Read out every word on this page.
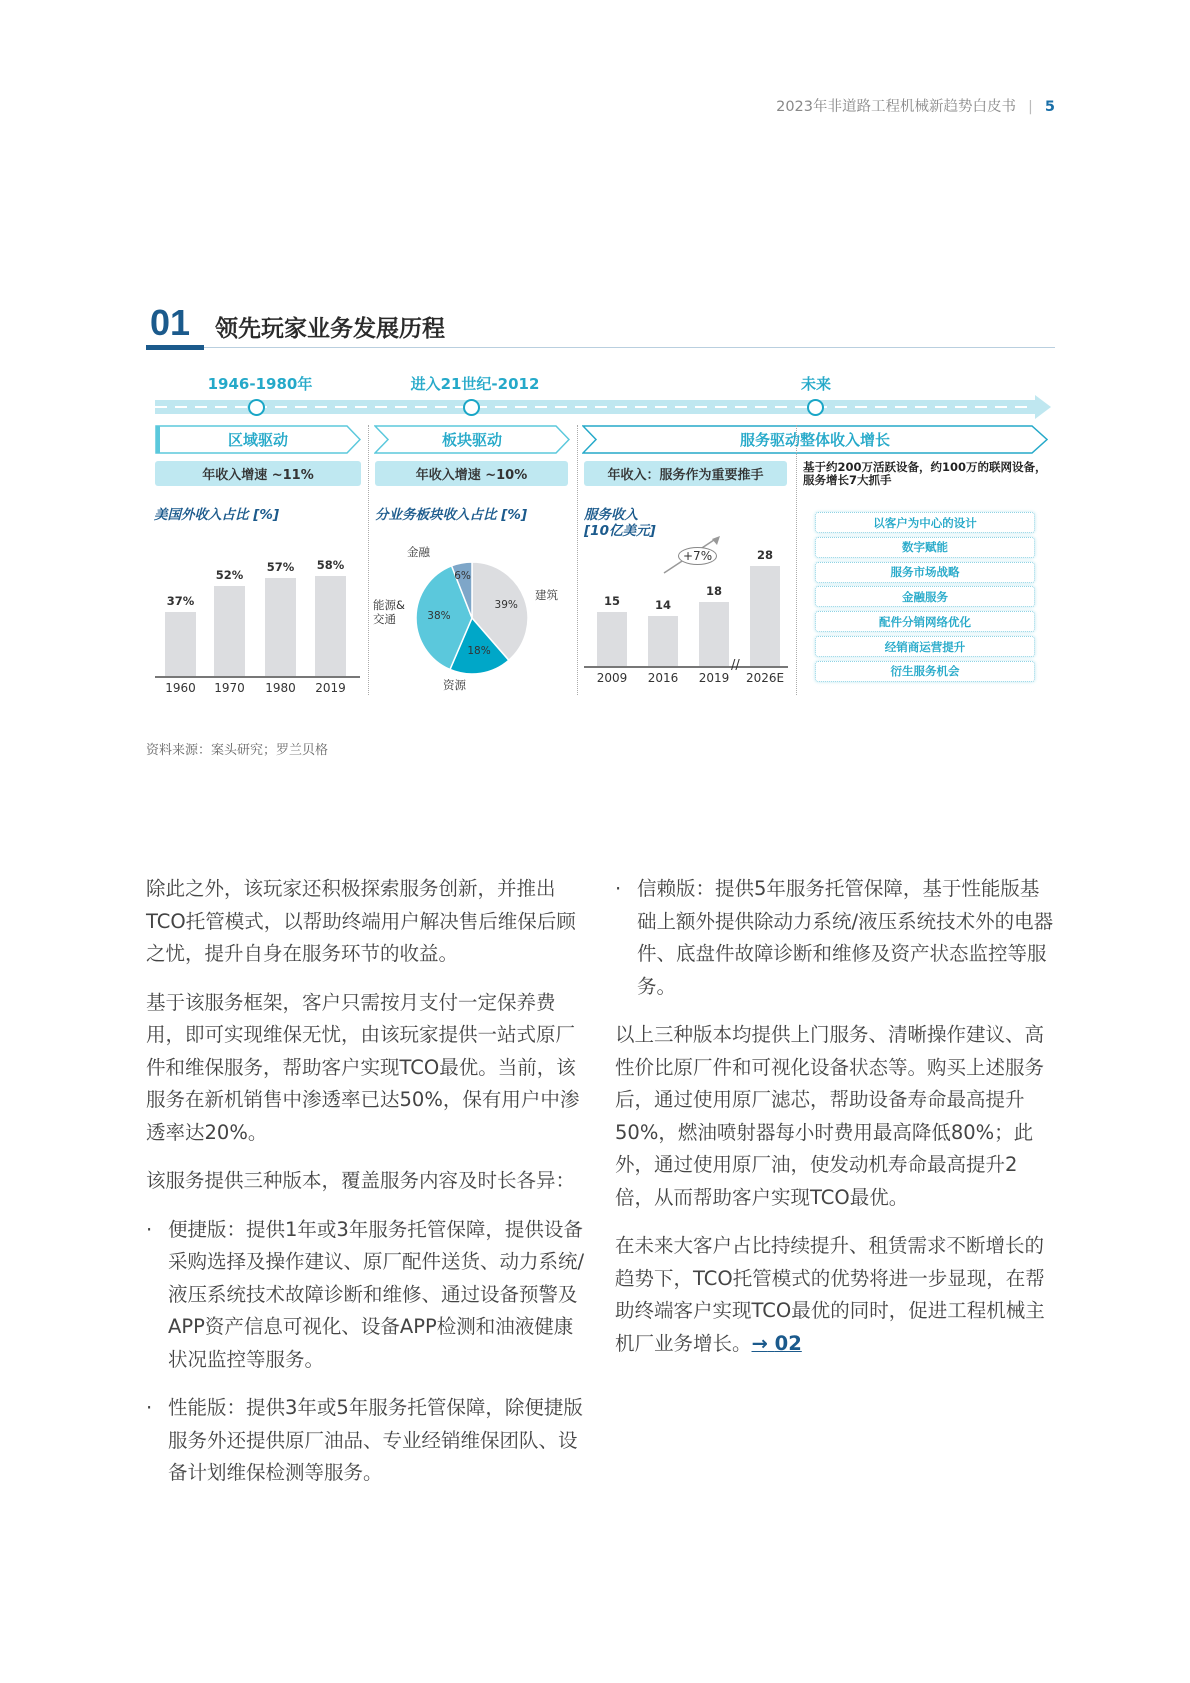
2023年非道路工程机械新趋势白皮书 | 5
01 领先玩家业务发展历程
1946-1980年	进入21世纪-2012	未来
区域驱动	板块驱动	服务驱动整体收入增长
年收入增速 ~11%	年收入增速 ~10%	年收入：服务作为重要推手
基于约200万活跃设备，约100万的联网设备，服务增长7大抓手
美国外收入占比 [%]	分业务板块收入占比 [%]	服务收入
[10亿美元]
37%
1960
52%
1970
57%
1980
58%
2019
39%
18%
38%
6%
建筑
资源
能源&交通
金融
15
2009
14
2016
18
2019
28
2026E
//
+7%
以客户为中心的设计
数字赋能
服务市场战略
金融服务
配件分销网络优化
经销商运营提升
衍生服务机会
资料来源：案头研究；罗兰贝格

除此之外，该玩家还积极探索服务创新，并推出TCO托管模式，以帮助终端用户解决售后维保后顾之忧，提升自身在服务环节的收益。

基于该服务框架，客户只需按月支付一定保养费用，即可实现维保无忧，由该玩家提供一站式原厂件和维保服务，帮助客户实现TCO最优。当前，该服务在新机销售中渗透率已达50%，保有用户中渗透率达20%。

该服务提供三种版本，覆盖服务内容及时长各异：

· 便捷版：提供1年或3年服务托管保障，提供设备采购选择及操作建议、原厂配件送货、动力系统/液压系统技术故障诊断和维修、通过设备预警及APP资产信息可视化、设备APP检测和油液健康状况监控等服务。

· 性能版：提供3年或5年服务托管保障，除便捷版服务外还提供原厂油品、专业经销维保团队、设备计划维保检测等服务。

· 信赖版：提供5年服务托管保障，基于性能版基础上额外提供除动力系统/液压系统技术外的电器件、底盘件故障诊断和维修及资产状态监控等服务。

以上三种版本均提供上门服务、清晰操作建议、高性价比原厂件和可视化设备状态等。购买上述服务后，通过使用原厂滤芯，帮助设备寿命最高提升50%，燃油喷射器每小时费用最高降低80%；此外，通过使用原厂油，使发动机寿命最高提升2倍，从而帮助客户实现TCO最优。

在未来大客户占比持续提升、租赁需求不断增长的趋势下，TCO托管模式的优势将进一步显现，在帮助终端客户实现TCO最优的同时，促进工程机械主机厂业务增长。→ 02
